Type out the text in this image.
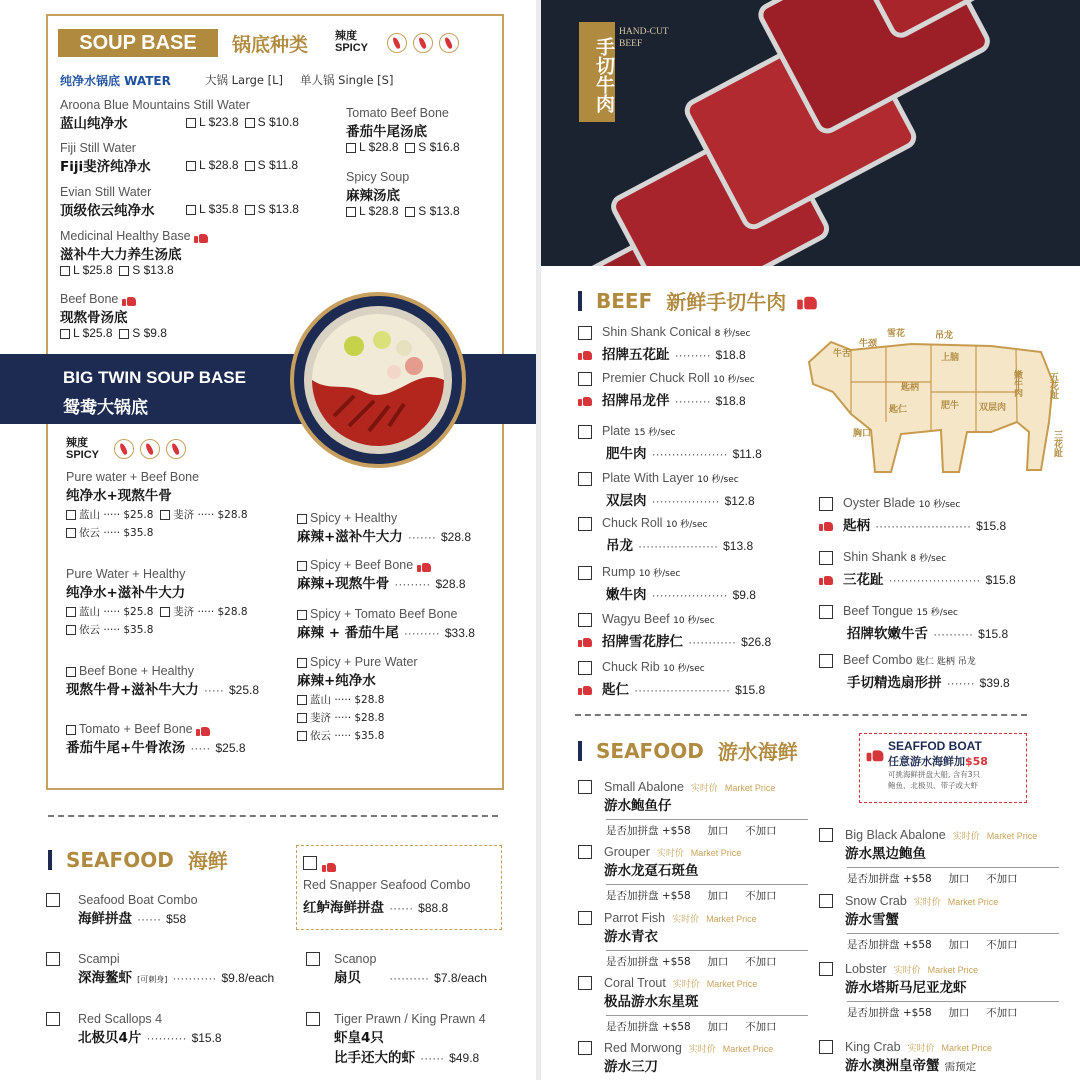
SOUP BASE	锅底种类 辣度
SPICY
纯净水锅底 WATER	大锅 Large [L] 单人锅 Single [S]
Aroona Blue Mountains Still Water
蓝山纯净水	L $23.8	S $10.8
Fiji Still Water
Fiji斐济纯净水	L $28.8	S $11.8
Evian Still Water
顶级依云纯净水	L $35.8	S $13.8
Medicinal Healthy Base
滋补牛大力养生汤底
L $25.8 S $13.8
Beef Bone
现熬骨汤底
L $25.8 S $9.8
Tomato Beef Bone
番茄牛尾汤底
L $28.8 S $16.8
Spicy Soup
麻辣汤底
L $28.8 S $13.8
BIG TWIN SOUP BASE
鸳鸯大锅底
辣度
SPICY
Pure water + Beef Bone
纯净水+现熬牛骨
蓝山 ····· $25.8 斐济 ····· $28.8
依云 ····· $35.8
Pure Water + Healthy
纯净水+滋补牛大力
蓝山 ····· $25.8 斐济 ····· $28.8
依云 ····· $35.8
Beef Bone + Healthy
现熬牛骨+滋补牛大力 ····· $25.8
Tomato + Beef Bone
番茄牛尾+牛骨浓汤 ····· $25.8
Spicy + Healthy
麻辣+滋补牛大力 ······· $28.8
Spicy + Beef Bone
麻辣+现熬牛骨 ········· $28.8
Spicy + Tomato Beef Bone
麻辣 + 番茄牛尾 ········· $33.8
Spicy + Pure Water
麻辣+纯净水
蓝山 ····· $28.8
斐济 ····· $28.8
依云 ····· $35.8
SEAFOOD 海鲜
Seafood Boat Combo
海鲜拼盘 ······ $58
Scampi
深海鳌虾 [可刺身] ··········· $9.8/each
Red Scallops 4
北极贝4片 ·········· $15.8

Red Snapper Seafood Combo
红鲈海鲜拼盘 ······ $88.8
Scanop
扇贝 ·········· $7.8/each
Tiger Prawn / King Prawn 4
虾皇4只
比手还大的虾 ······ $49.8
手切牛肉
HAND-CUT BEEF
BEEF 新鲜手切牛肉
牛舌
牛颈
雪花	吊龙
匙柄
匙仁
上脑
胸口
肥牛
五花趾
三花趾
嫩牛肉
双层肉
Shin Shank Conical 8 秒/sec
招牌五花趾 ········· $18.8
Premier Chuck Roll 10 秒/sec
招牌吊龙伴 ········· $18.8
Plate 15 秒/sec
肥牛肉 ··················· $11.8
Plate With Layer 10 秒/sec
双层肉 ················· $12.8
Chuck Roll 10 秒/sec
吊龙 ···················· $13.8
Rump 10 秒/sec
嫩牛肉 ··················· $9.8
Wagyu Beef 10 秒/sec
招牌雪花脖仁 ············ $26.8
Chuck Rib 10 秒/sec
匙仁 ························ $15.8
Oyster Blade 10 秒/sec
匙柄 ························ $15.8
Shin Shank 8 秒/sec
三花趾 ······················· $15.8
Beef Tongue 15 秒/sec
招牌软嫩牛舌 ·········· $15.8
Beef Combo 匙仁 匙柄 吊龙
手切精选扇形拼 ······· $39.8
SEAFOOD 游水海鲜	SEAFFOD BOAT
任意游水海鲜加$58
可挑海鲜拼盘大船, 含有3只
鲍鱼、北极贝、带子或大虾
Small Abalone 实时价 Market Price
游水鲍鱼仔
是否加拼盘 +$58 加口 不加口
Grouper 实时价 Market Price
游水龙趸石斑鱼
是否加拼盘 +$58 加口 不加口
Parrot Fish 实时价 Market Price
游水青衣
是否加拼盘 +$58 加口 不加口
Coral Trout 实时价 Market Price
极品游水东星斑
是否加拼盘 +$58 加口 不加口
Red Morwong 实时价 Market Price
游水三刀
Big Black Abalone 实时价 Market Price
游水黑边鲍鱼
是否加拼盘 +$58 加口 不加口
Snow Crab 实时价 Market Price
游水雪蟹
是否加拼盘 +$58 加口 不加口
Lobster 实时价 Market Price
游水塔斯马尼亚龙虾
是否加拼盘 +$58 加口 不加口
King Crab 实时价 Market Price
游水澳洲皇帝蟹 需预定
